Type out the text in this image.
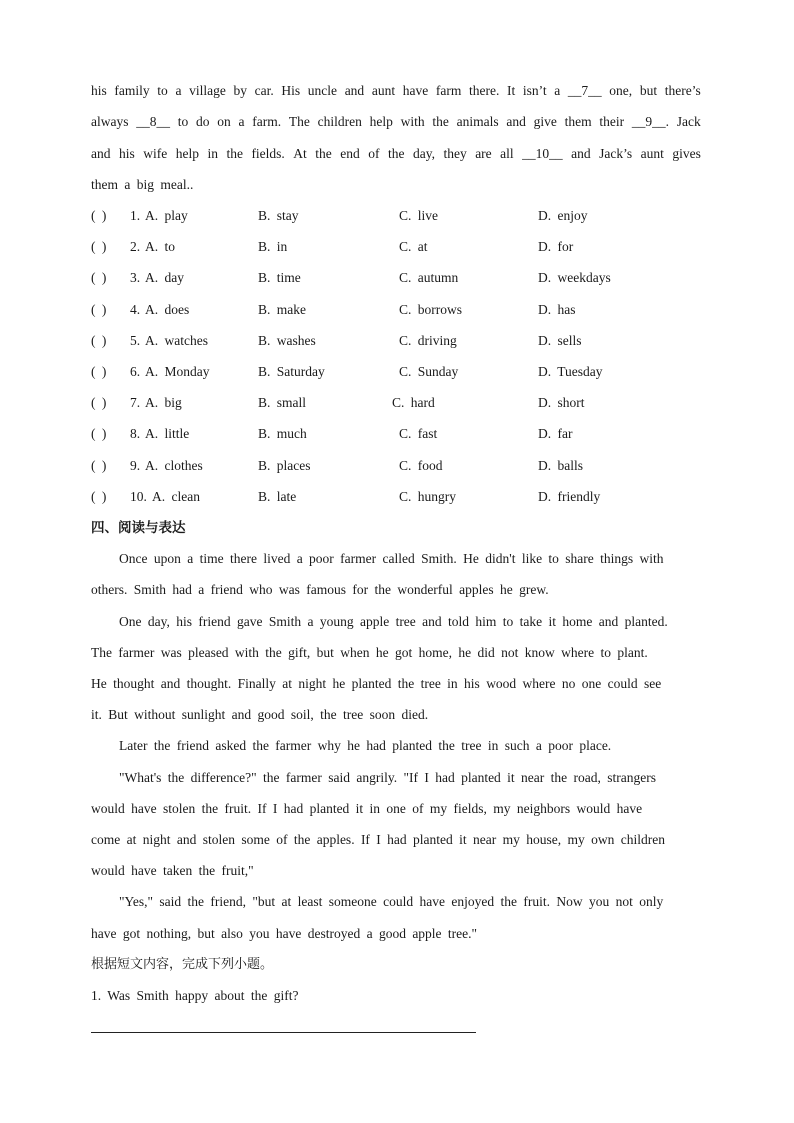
his family to a village by car. His uncle and aunt have farm there. It isn’t a __7__ one, but there’s
always __8__ to do on a farm. The children help with the animals and give them their __9__. Jack
and his wife help in the fields. At the end of the day, they are all __10__ and Jack’s aunt gives
them a big meal..
( ) 1. A. play	B. stay	C. live	D. enjoy
( ) 2. A. to	B. in	C. at	D. for
( ) 3. A. day	B. time	C. autumn	D. weekdays
( ) 4. A. does	B. make	C. borrows	D. has
( ) 5. A. watches	B. washes	C. driving	D. sells
( ) 6. A. Monday	B. Saturday	C. Sunday	D. Tuesday
( ) 7. A. big	B. small	C. hard	D. short
( ) 8. A. little	B. much	C. fast	D. far
( ) 9. A. clothes	B. places	C. food	D. balls
( ) 10. A. clean	B. late	C. hungry	D. friendly
四、阅读与表达
Once upon a time there lived a poor farmer called Smith. He didn't like to share things with
others. Smith had a friend who was famous for the wonderful apples he grew.
One day, his friend gave Smith a young apple tree and told him to take it home and planted.
The farmer was pleased with the gift, but when he got home, he did not know where to plant.
He thought and thought. Finally at night he planted the tree in his wood where no one could see
it. But without sunlight and good soil, the tree soon died.
Later the friend asked the farmer why he had planted the tree in such a poor place.
"What's the difference?" the farmer said angrily. "If I had planted it near the road, strangers
would have stolen the fruit. If I had planted it in one of my fields, my neighbors would have
come at night and stolen some of the apples. If I had planted it near my house, my own children
would have taken the fruit,"
"Yes," said the friend, "but at least someone could have enjoyed the fruit. Now you not only
have got nothing, but also you have destroyed a good apple tree."
根据短文内容，完成下列小题。
1. Was Smith happy about the gift?
